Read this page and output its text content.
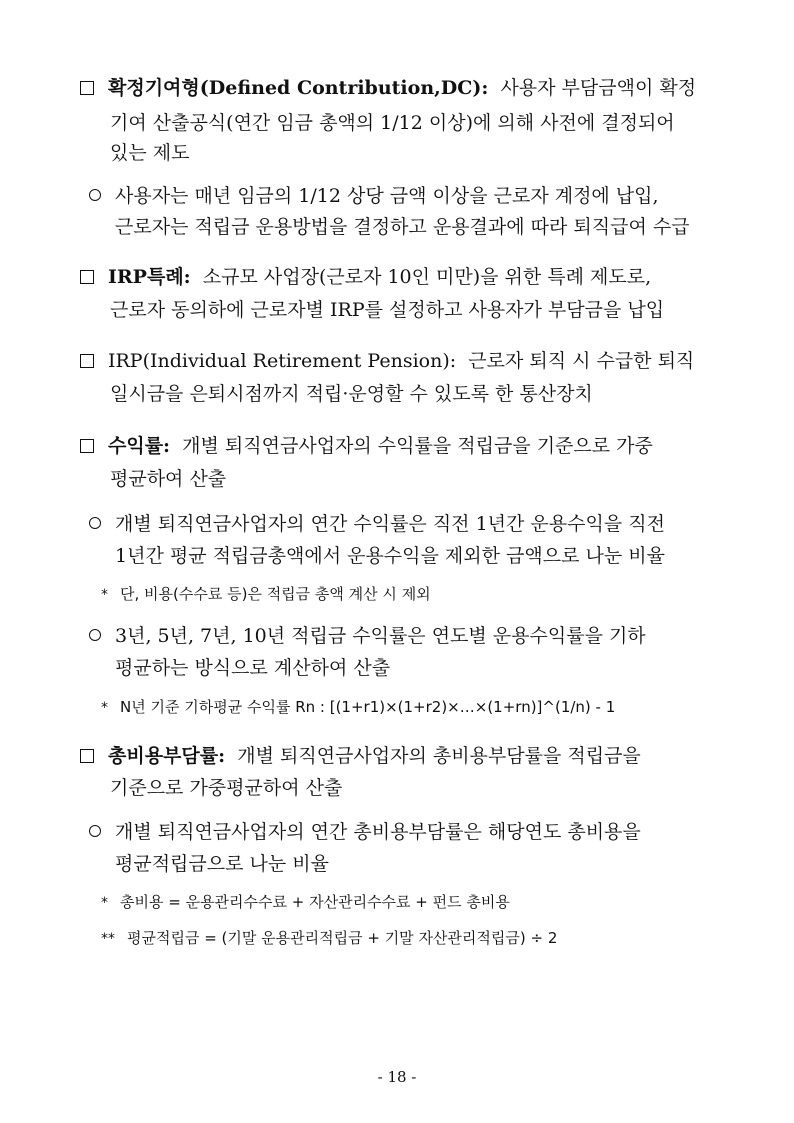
확정기여형(Defined Contribution,DC): 사용자 부담금액이 확정
기여 산출공식(연간 임금 총액의 1/12 이상)에 의해 사전에 결정되어
있는 제도
사용자는 매년 임금의 1/12 상당 금액 이상을 근로자 계정에 납입,
근로자는 적립금 운용방법을 결정하고 운용결과에 따라 퇴직급여 수급
IRP특례: 소규모 사업장(근로자 10인 미만)을 위한 특례 제도로,
근로자 동의하에 근로자별 IRP를 설정하고 사용자가 부담금을 납입
IRP(Individual Retirement Pension): 근로자 퇴직 시 수급한 퇴직
일시금을 은퇴시점까지 적립·운영할 수 있도록 한 통산장치
수익률: 개별 퇴직연금사업자의 수익률을 적립금을 기준으로 가중
평균하여 산출
개별 퇴직연금사업자의 연간 수익률은 직전 1년간 운용수익을 직전
1년간 평균 적립금총액에서 운용수익을 제외한 금액으로 나눈 비율
* 단, 비용(수수료 등)은 적립금 총액 계산 시 제외
3년, 5년, 7년, 10년 적립금 수익률은 연도별 운용수익률을 기하
평균하는 방식으로 계산하여 산출
* N년 기준 기하평균 수익률 Rn : [(1+r1)×(1+r2)×…×(1+rn)]^(1/n) - 1
총비용부담률: 개별 퇴직연금사업자의 총비용부담률을 적립금을
기준으로 가중평균하여 산출
개별 퇴직연금사업자의 연간 총비용부담률은 해당연도 총비용을
평균적립금으로 나눈 비율
* 총비용 = 운용관리수수료 + 자산관리수수료 + 펀드 총비용
** 평균적립금 = (기말 운용관리적립금 + 기말 자산관리적립금) ÷ 2
- 18 -
